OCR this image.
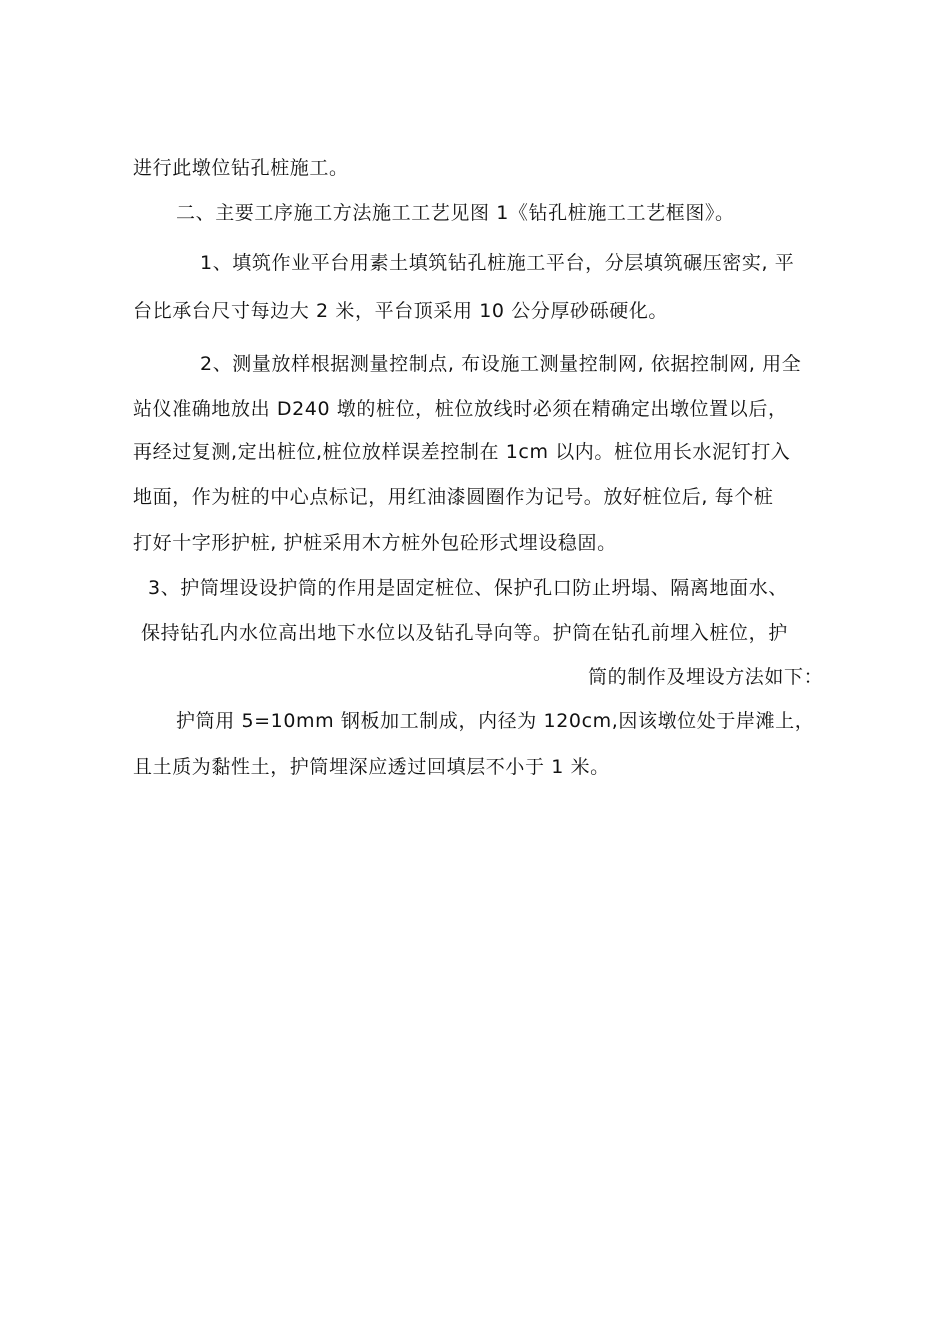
进行此墩位钻孔桩施工。
二、主要工序施工方法施工工艺见图 1《钻孔桩施工工艺框图》。
1、填筑作业平台用素土填筑钻孔桩施工平台，分层填筑碾压密实, 平
台比承台尺寸每边大 2 米，平台顶采用 10 公分厚砂砾硬化。
2、测量放样根据测量控制点, 布设施工测量控制网, 依据控制网, 用全
站仪准确地放出 D240 墩的桩位，桩位放线时必须在精确定出墩位置以后，
再经过复测,定出桩位,桩位放样误差控制在 1cm 以内。桩位用长水泥钉打入
地面，作为桩的中心点标记，用红油漆圆圈作为记号。放好桩位后, 每个桩
打好十字形护桩, 护桩采用木方桩外包砼形式埋设稳固。
3、护筒埋设设护筒的作用是固定桩位、保护孔口防止坍塌、隔离地面水、
保持钻孔内水位高出地下水位以及钻孔导向等。护筒在钻孔前埋入桩位，护
筒的制作及埋设方法如下：
护筒用 5=10mm 钢板加工制成，内径为 120cm,因该墩位处于岸滩上，
且土质为黏性土，护筒埋深应透过回填层不小于 1 米。
